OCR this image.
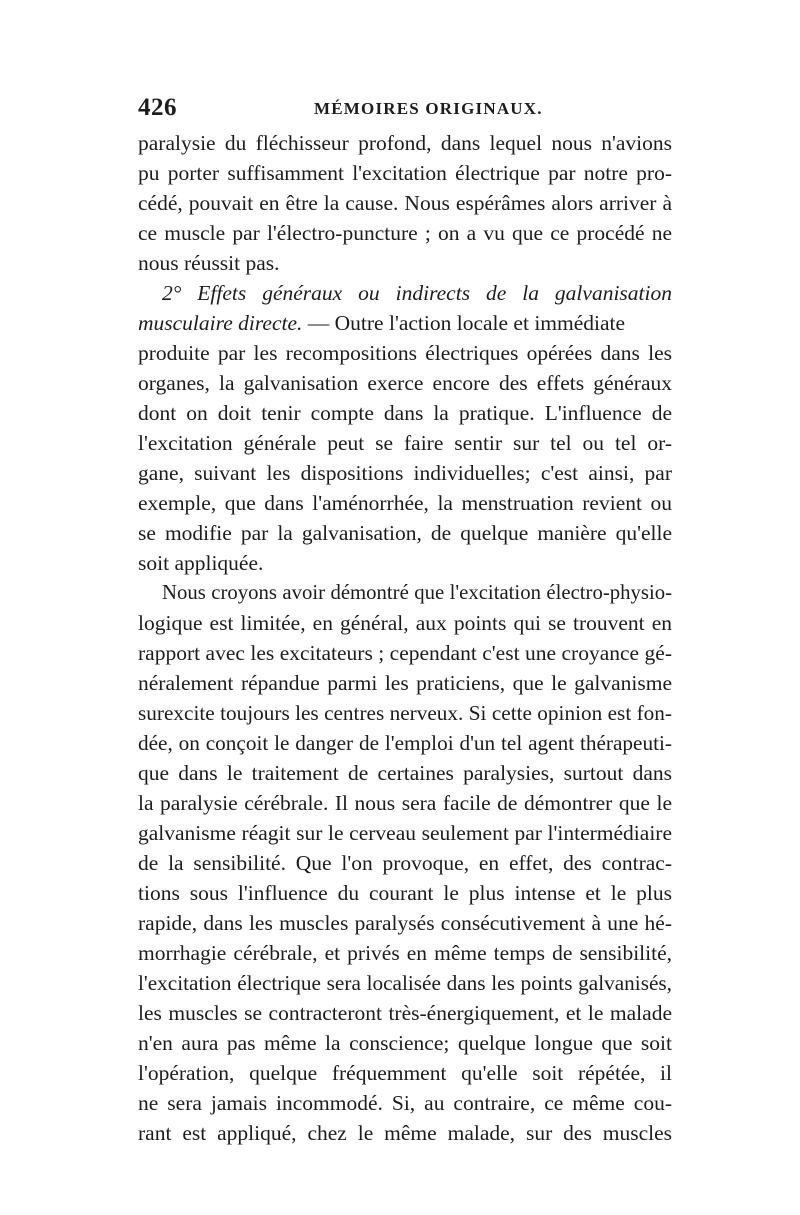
426	MÉMOIRES ORIGINAUX.
paralysie du fléchisseur profond, dans lequel nous n'avions
pu porter suffisamment l'excitation électrique par notre pro-
cédé, pouvait en être la cause. Nous espérâmes alors arriver à
ce muscle par l'électro-puncture ; on a vu que ce procédé ne
nous réussit pas.
2° Effets généraux ou indirects de la galvanisation
musculaire directe. — Outre l'action locale et immédiate
produite par les recompositions électriques opérées dans les
organes, la galvanisation exerce encore des effets généraux
dont on doit tenir compte dans la pratique. L'influence de
l'excitation générale peut se faire sentir sur tel ou tel or-
gane, suivant les dispositions individuelles; c'est ainsi, par
exemple, que dans l'aménorrhée, la menstruation revient ou
se modifie par la galvanisation, de quelque manière qu'elle
soit appliquée.
Nous croyons avoir démontré que l'excitation électro-physio-
logique est limitée, en général, aux points qui se trouvent en
rapport avec les excitateurs ; cependant c'est une croyance gé-
néralement répandue parmi les praticiens, que le galvanisme
surexcite toujours les centres nerveux. Si cette opinion est fon-
dée, on conçoit le danger de l'emploi d'un tel agent thérapeuti-
que dans le traitement de certaines paralysies, surtout dans
la paralysie cérébrale. Il nous sera facile de démontrer que le
galvanisme réagit sur le cerveau seulement par l'intermédiaire
de la sensibilité. Que l'on provoque, en effet, des contrac-
tions sous l'influence du courant le plus intense et le plus
rapide, dans les muscles paralysés consécutivement à une hé-
morrhagie cérébrale, et privés en même temps de sensibilité,
l'excitation électrique sera localisée dans les points galvanisés,
les muscles se contracteront très-énergiquement, et le malade
n'en aura pas même la conscience; quelque longue que soit
l'opération, quelque fréquemment qu'elle soit répétée, il
ne sera jamais incommodé. Si, au contraire, ce même cou-
rant est appliqué, chez le même malade, sur des muscles
